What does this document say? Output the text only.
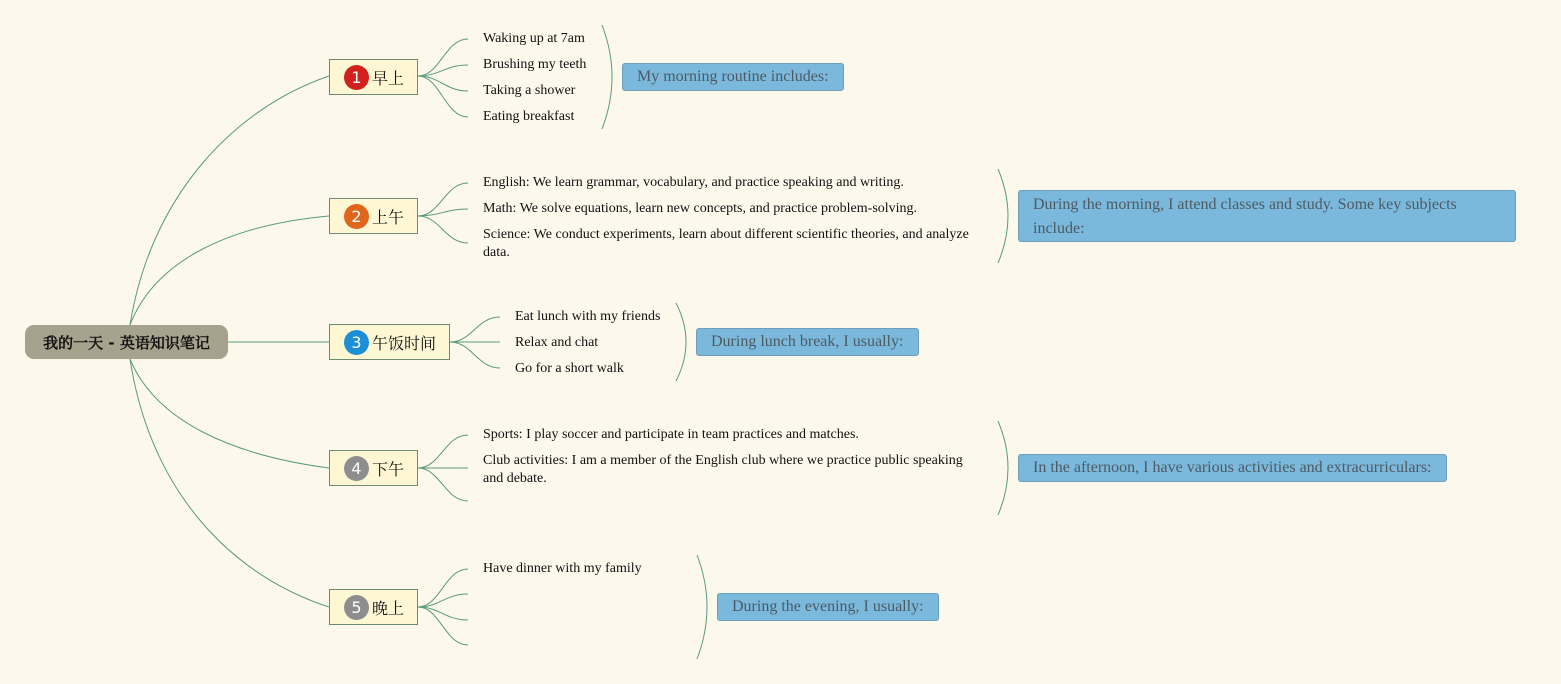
我的一天 - 英语知识笔记
1 早上
Waking up at 7am
Brushing my teeth
Taking a shower
Eating breakfast
My morning routine includes:
2 上午
English: We learn grammar, vocabulary, and practice speaking and writing.
Math: We solve equations, learn new concepts, and practice problem-solving.
Science: We conduct experiments, learn about different scientific theories, and analyze data.
During the morning, I attend classes and study. Some key subjects include:
3 午饭时间
Eat lunch with my friends
Relax and chat
Go for a short walk
During lunch break, I usually:
4 下午
Sports: I play soccer and participate in team practices and matches.
Club activities: I am a member of the English club where we practice public speaking and debate.
In the afternoon, I have various activities and extracurriculars:
5 晚上
Have dinner with my family
During the evening, I usually:
